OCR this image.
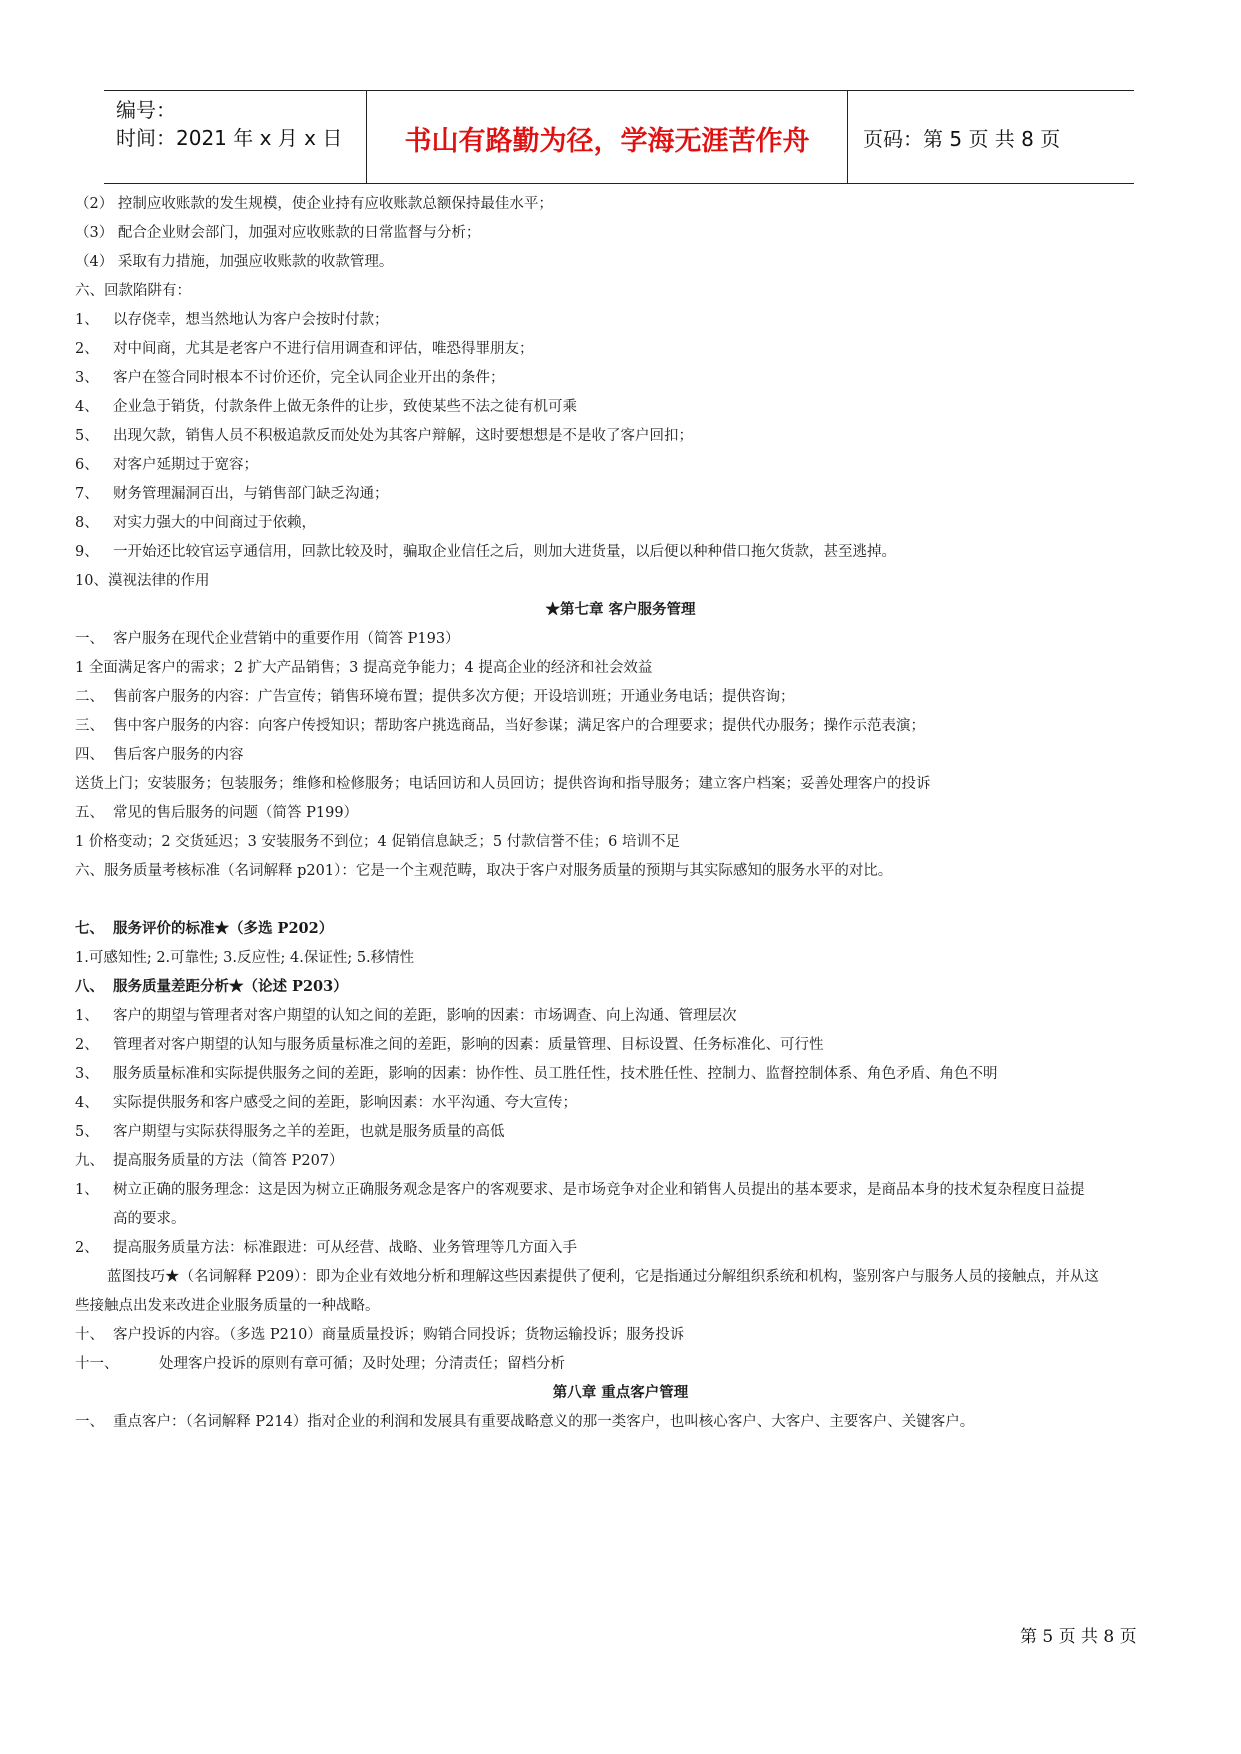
编号：
时间：2021 年 x 月 x 日	书山有路勤为径，学海无涯苦作舟	页码：第 5 页 共 8 页
（2） 控制应收账款的发生规模，使企业持有应收账款总额保持最佳水平；
（3） 配合企业财会部门，加强对应收账款的日常监督与分析；
（4） 采取有力措施，加强应收账款的收款管理。
六、回款陷阱有：
1、 以存侥幸，想当然地认为客户会按时付款；
2、 对中间商，尤其是老客户不进行信用调查和评估，唯恐得罪朋友；
3、 客户在签合同时根本不讨价还价，完全认同企业开出的条件；
4、 企业急于销货，付款条件上做无条件的让步，致使某些不法之徒有机可乘
5、 出现欠款，销售人员不积极追款反而处处为其客户辩解，这时要想想是不是收了客户回扣；
6、 对客户延期过于宽容；
7、 财务管理漏洞百出，与销售部门缺乏沟通；
8、 对实力强大的中间商过于依赖，
9、 一开始还比较官运亨通信用，回款比较及时，骗取企业信任之后，则加大进货量，以后便以种种借口拖欠货款，甚至逃掉。
10、漠视法律的作用
★第七章 客户服务管理
一、 客户服务在现代企业营销中的重要作用（简答 P193）
1 全面满足客户的需求；2 扩大产品销售；3 提高竞争能力；4 提高企业的经济和社会效益
二、 售前客户服务的内容：广告宣传；销售环境布置；提供多次方便；开设培训班；开通业务电话；提供咨询；
三、 售中客户服务的内容：向客户传授知识；帮助客户挑选商品，当好参谋；满足客户的合理要求；提供代办服务；操作示范表演；
四、 售后客户服务的内容
送货上门；安装服务；包装服务；维修和检修服务；电话回访和人员回访；提供咨询和指导服务；建立客户档案；妥善处理客户的投诉
五、 常见的售后服务的问题（简答 P199）
1 价格变动；2 交货延迟；3 安装服务不到位；4 促销信息缺乏；5 付款信誉不佳；6 培训不足
六、服务质量考核标准（名词解释 p201）：它是一个主观范畴，取决于客户对服务质量的预期与其实际感知的服务水平的对比。
七、 服务评价的标准★（多选 P202）
1.可感知性; 2.可靠性; 3.反应性; 4.保证性; 5.移情性
八、 服务质量差距分析★（论述 P203）
1、 客户的期望与管理者对客户期望的认知之间的差距，影响的因素：市场调查、向上沟通、管理层次
2、 管理者对客户期望的认知与服务质量标准之间的差距，影响的因素：质量管理、目标设置、任务标准化、可行性
3、 服务质量标准和实际提供服务之间的差距，影响的因素：协作性、员工胜任性，技术胜任性、控制力、监督控制体系、角色矛盾、角色不明
4、 实际提供服务和客户感受之间的差距，影响因素：水平沟通、夸大宣传；
5、 客户期望与实际获得服务之羊的差距，也就是服务质量的高低
九、 提高服务质量的方法（简答 P207）
1、 树立正确的服务理念：这是因为树立正确服务观念是客户的客观要求、是市场竞争对企业和销售人员提出的基本要求，是商品本身的技术复杂程度日益提
高的要求。
2、 提高服务质量方法：标准跟进：可从经营、战略、业务管理等几方面入手
蓝图技巧★（名词解释 P209）：即为企业有效地分析和理解这些因素提供了便利，它是指通过分解组织系统和机构，鉴别客户与服务人员的接触点，并从这
些接触点出发来改进企业服务质量的一种战略。
十、 客户投诉的内容。（多选 P210）商量质量投诉；购销合同投诉；货物运输投诉；服务投诉
十一、	处理客户投诉的原则有章可循；及时处理；分清责任；留档分析
第八章 重点客户管理
一、 重点客户：（名词解释 P214）指对企业的利润和发展具有重要战略意义的那一类客户，也叫核心客户、大客户、主要客户、关键客户。
第 5 页 共 8 页
